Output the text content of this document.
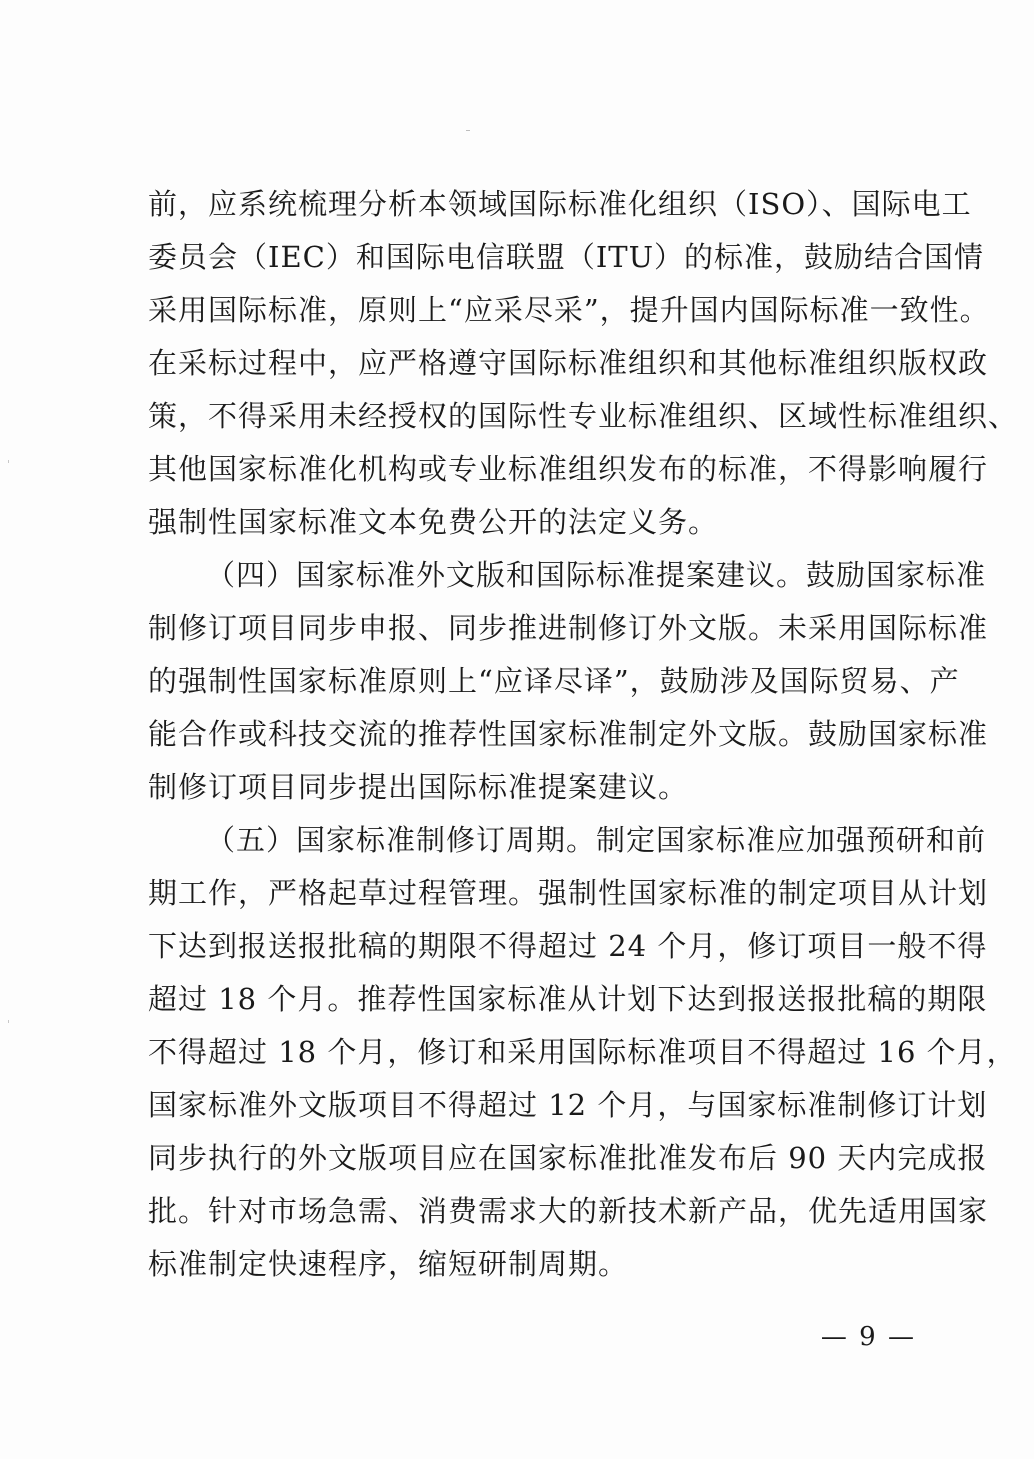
前，应系统梳理分析本领域国际标准化组织（ISO）、国际电工
委员会（IEC）和国际电信联盟（ITU）的标准，鼓励结合国情
采用国际标准，原则上“应采尽采”，提升国内国际标准一致性。
在采标过程中，应严格遵守国际标准组织和其他标准组织版权政
策，不得采用未经授权的国际性专业标准组织、区域性标准组织、
其他国家标准化机构或专业标准组织发布的标准，不得影响履行
强制性国家标准文本免费公开的法定义务。
（四）国家标准外文版和国际标准提案建议。鼓励国家标准
制修订项目同步申报、同步推进制修订外文版。未采用国际标准
的强制性国家标准原则上“应译尽译”，鼓励涉及国际贸易、产
能合作或科技交流的推荐性国家标准制定外文版。鼓励国家标准
制修订项目同步提出国际标准提案建议。
（五）国家标准制修订周期。制定国家标准应加强预研和前
期工作，严格起草过程管理。强制性国家标准的制定项目从计划
下达到报送报批稿的期限不得超过 24 个月，修订项目一般不得
超过 18 个月。推荐性国家标准从计划下达到报送报批稿的期限
不得超过 18 个月，修订和采用国际标准项目不得超过 16 个月，
国家标准外文版项目不得超过 12 个月，与国家标准制修订计划
同步执行的外文版项目应在国家标准批准发布后 90 天内完成报
批。针对市场急需、消费需求大的新技术新产品，优先适用国家
标准制定快速程序，缩短研制周期。
— 9 —
